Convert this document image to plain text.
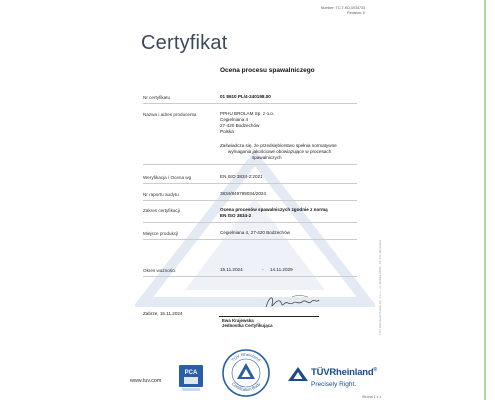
Number: TC-T-KD-0034733
Revision: 0
Certyfikat
Ocena procesu spawalniczego
Nr certyfikatu	01 8610 PL/4-240198.00
Nazwa i adres producenta	PPHU BROLAM Sp. z o.o.
Cegielniana 4
27-420 Bodzechów
Polska
Zaświadcza się, że przedsiębiorstwo spełnia normatywne
wymagania jakościowe obowiązujące w procesach
spawalniczych
Weryfikacja / Ocena wg	EN ISO 3834-2:2021
Nr raportu audytu	3834/849789034/2024
Zakres certyfikacji	Ocena procesów spawalniczych zgodnie z normą
EN ISO 3834-2
Miejsce produkcji	Cegielniana 4, 27-420 Bodzechów
Okres ważności	15.11.2024	- 14.11.2029
Zabrze, 15.11.2024
Ewa Krajewska
Jednostka Certyfikująca	TÜV Rheinland Polska Sp. z o.o. - ul. Wolska 84/86 - 01-141 Warszawa
www.tuv.com
PCA
TÜV Rheinland
Certification Body
TÜVRheinland®
Precisely Right.
Strona 1 z 1
